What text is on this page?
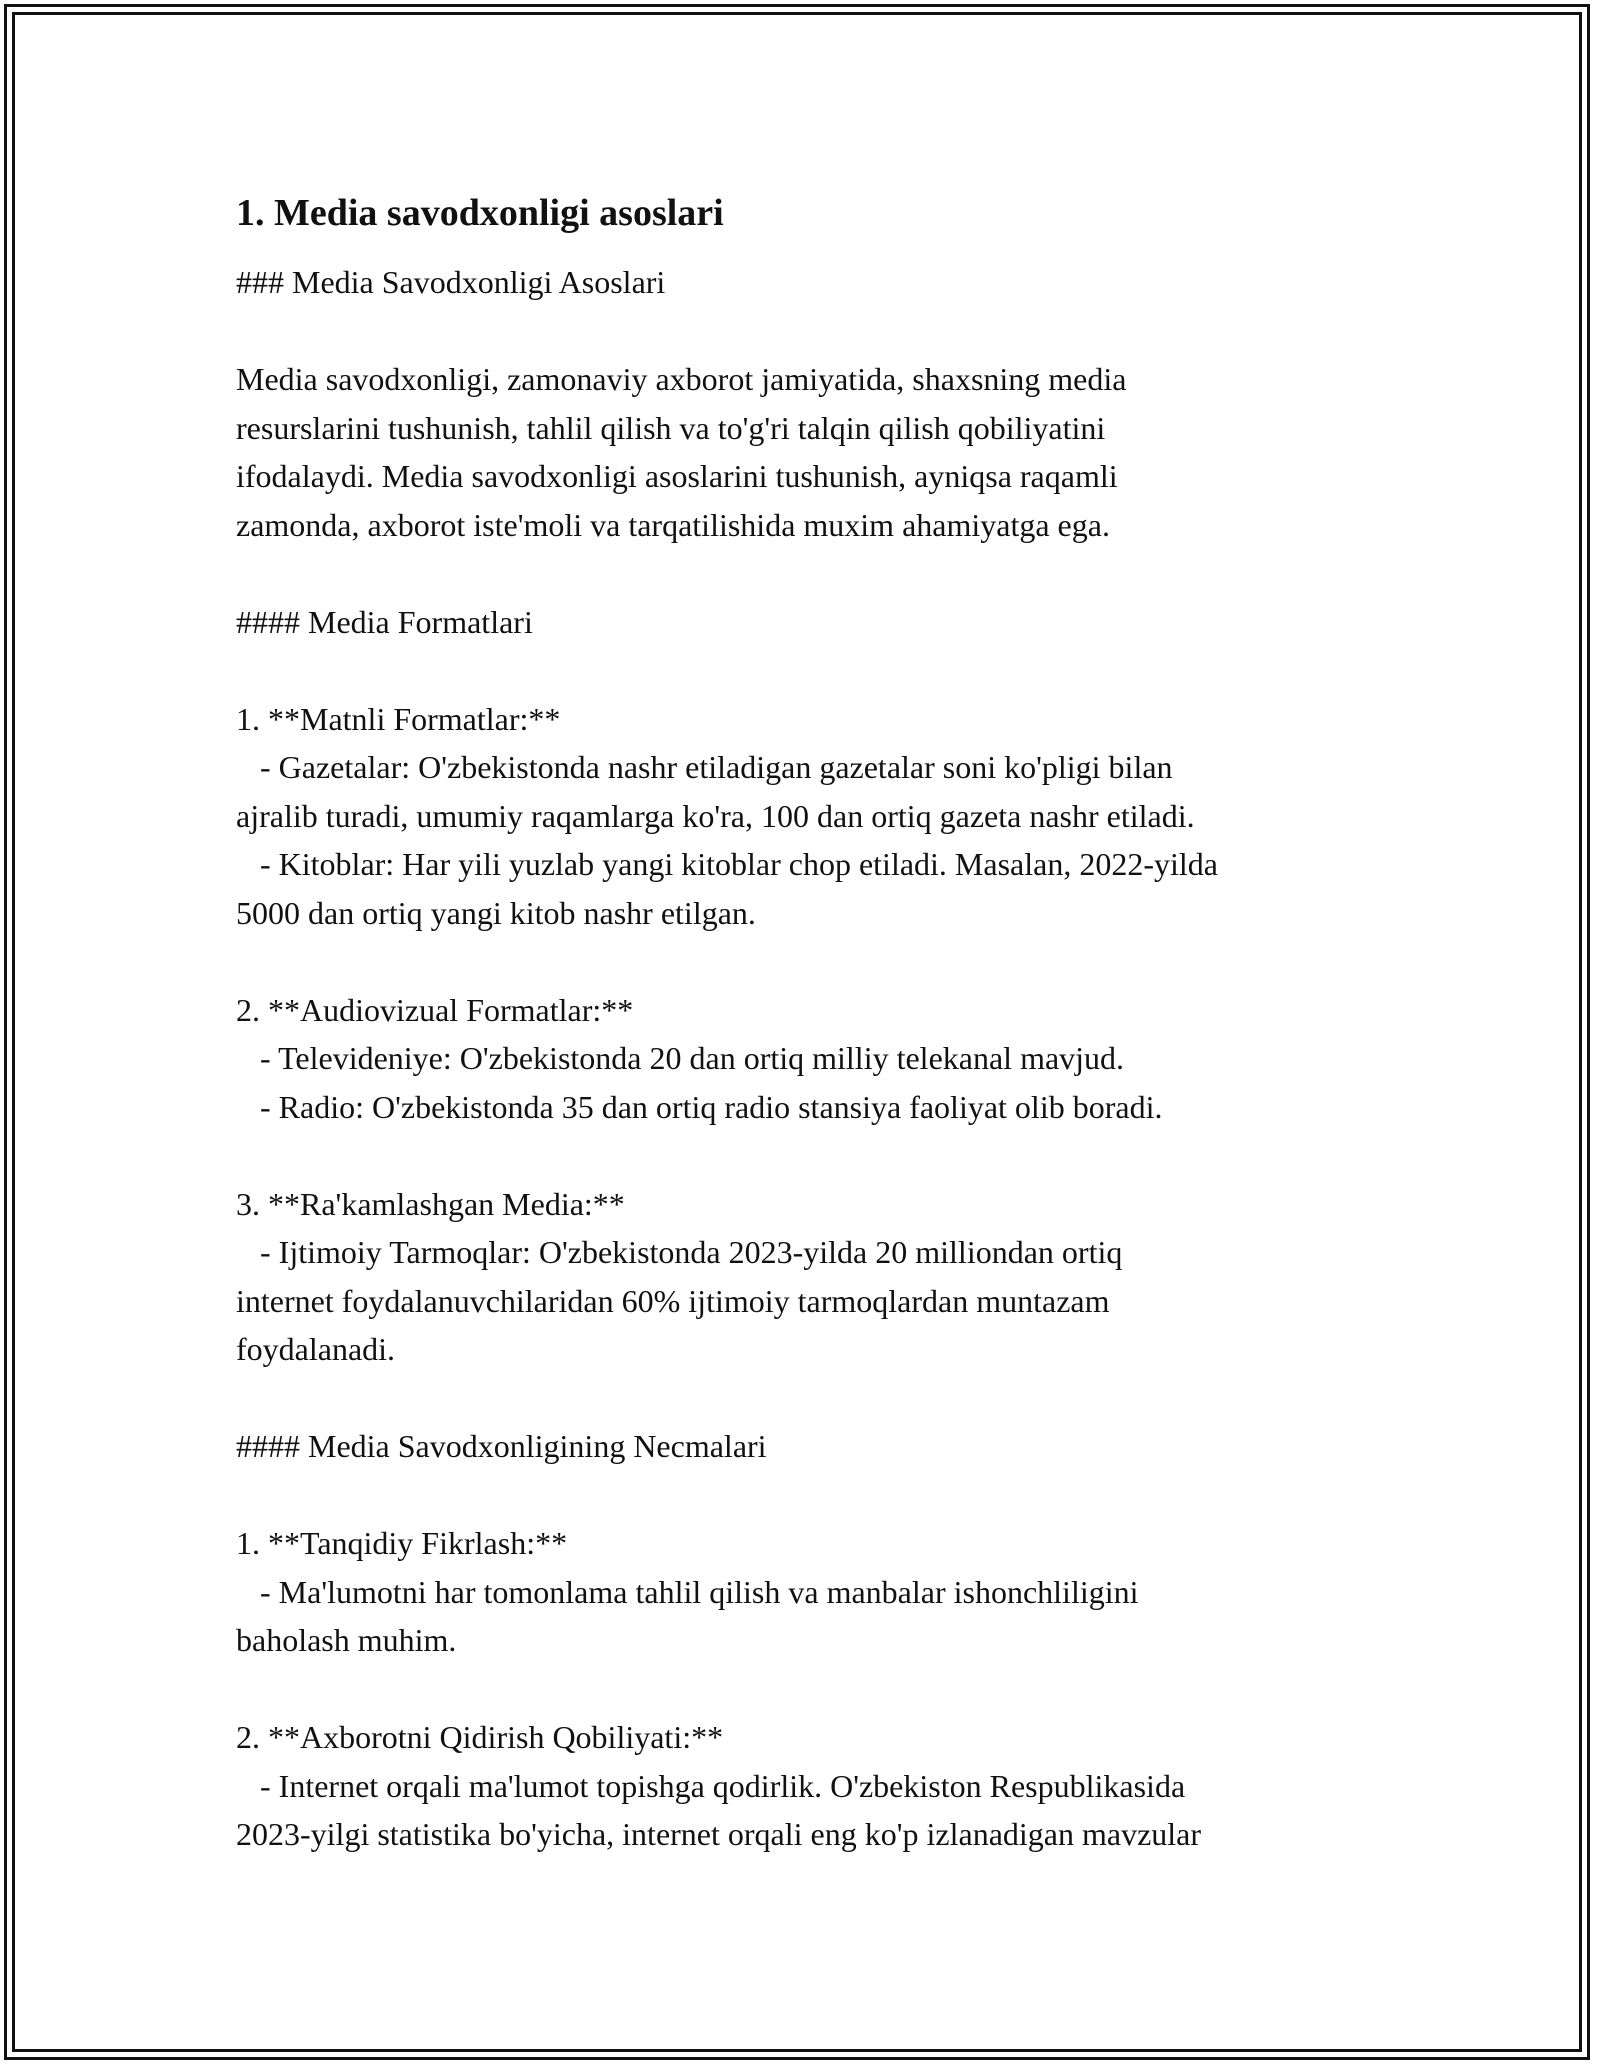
1. Media savodxonligi asoslari

### Media Savodxonligi Asoslari

Media savodxonligi, zamonaviy axborot jamiyatida, shaxsning media

resurslarini tushunish, tahlil qilish va to'g'ri talqin qilish qobiliyatini

ifodalaydi. Media savodxonligi asoslarini tushunish, ayniqsa raqamli

zamonda, axborot iste'moli va tarqatilishida muxim ahamiyatga ega.

#### Media Formatlari

1. **Matnli Formatlar:**

- Gazetalar: O'zbekistonda nashr etiladigan gazetalar soni ko'pligi bilan

ajralib turadi, umumiy raqamlarga ko'ra, 100 dan ortiq gazeta nashr etiladi.

- Kitoblar: Har yili yuzlab yangi kitoblar chop etiladi. Masalan, 2022-yilda

5000 dan ortiq yangi kitob nashr etilgan.

2. **Audiovizual Formatlar:**

- Televideniye: O'zbekistonda 20 dan ortiq milliy telekanal mavjud.

- Radio: O'zbekistonda 35 dan ortiq radio stansiya faoliyat olib boradi.

3. **Ra'kamlashgan Media:**

- Ijtimoiy Tarmoqlar: O'zbekistonda 2023-yilda 20 milliondan ortiq

internet foydalanuvchilaridan 60% ijtimoiy tarmoqlardan muntazam

foydalanadi.

#### Media Savodxonligining Necmalari

1. **Tanqidiy Fikrlash:**

- Ma'lumotni har tomonlama tahlil qilish va manbalar ishonchliligini

baholash muhim.

2. **Axborotni Qidirish Qobiliyati:**

- Internet orqali ma'lumot topishga qodirlik. O'zbekiston Respublikasida

2023-yilgi statistika bo'yicha, internet orqali eng ko'p izlanadigan mavzular
